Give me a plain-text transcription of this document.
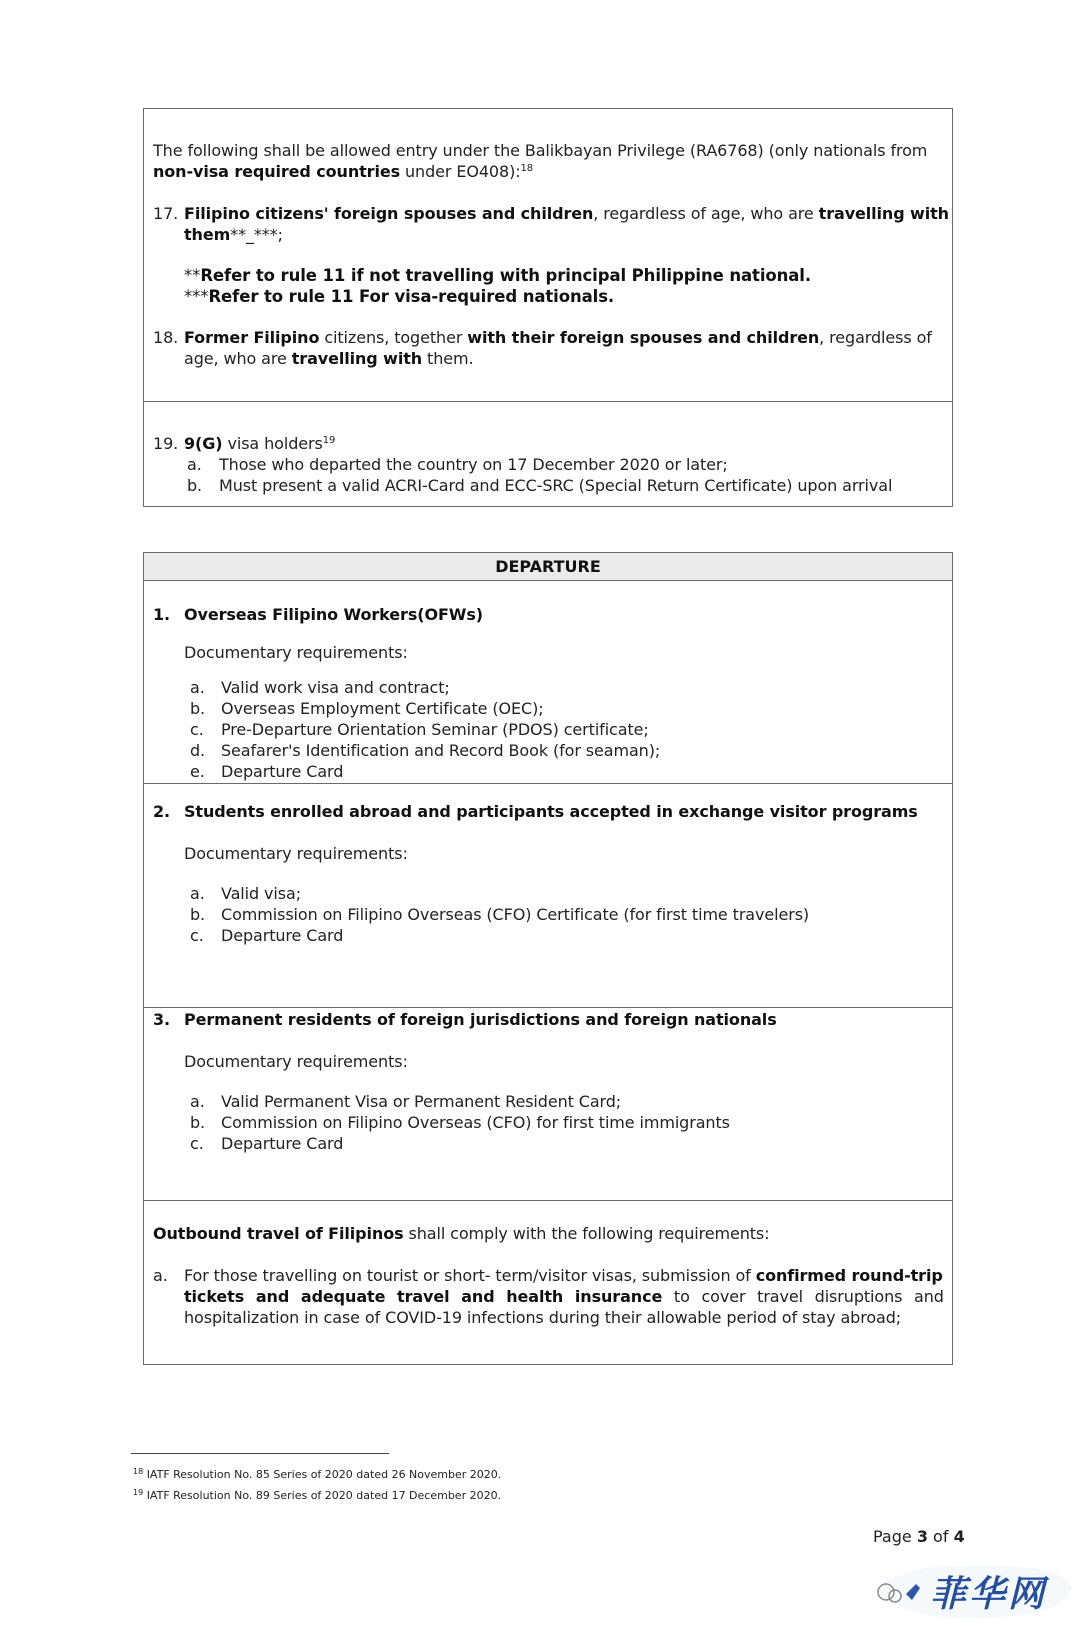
The following shall be allowed entry under the Balikbayan Privilege (RA6768) (only nationals from
non-visa required countries under EO408):$^{18}$
17. Filipino citizens' foreign spouses and children, regardless of age, who are travelling with
them**_***;
**Refer to rule 11 if not travelling with principal Philippine national.
***Refer to rule 11 For visa-required nationals.
18. Former Filipino citizens, together with their foreign spouses and children, regardless of
age, who are travelling with them.
19. 9(G) visa holders$^{19}$
a. Those who departed the country on 17 December 2020 or later;
b. Must present a valid ACRI-Card and ECC-SRC (Special Return Certificate) upon arrival
DEPARTURE
1. Overseas Filipino Workers(OFWs)
Documentary requirements:
a. Valid work visa and contract;
b. Overseas Employment Certificate (OEC);
c. Pre-Departure Orientation Seminar (PDOS) certificate;
d. Seafarer's Identification and Record Book (for seaman);
e. Departure Card
2. Students enrolled abroad and participants accepted in exchange visitor programs
Documentary requirements:
a. Valid visa;
b. Commission on Filipino Overseas (CFO) Certificate (for first time travelers)
c. Departure Card
3. Permanent residents of foreign jurisdictions and foreign nationals
Documentary requirements:
a. Valid Permanent Visa or Permanent Resident Card;
b. Commission on Filipino Overseas (CFO) for first time immigrants
c. Departure Card
Outbound travel of Filipinos shall comply with the following requirements:
a. For those travelling on tourist or short- term/visitor visas, submission of confirmed round-trip
tickets and adequate travel and health insurance to cover travel disruptions and
hospitalization in case of COVID-19 infections during their allowable period of stay abroad;
$^{18}$ IATF Resolution No. 85 Series of 2020 dated 26 November 2020.
$^{19}$ IATF Resolution No. 89 Series of 2020 dated 17 December 2020.
Page 3 of 4
菲华网
